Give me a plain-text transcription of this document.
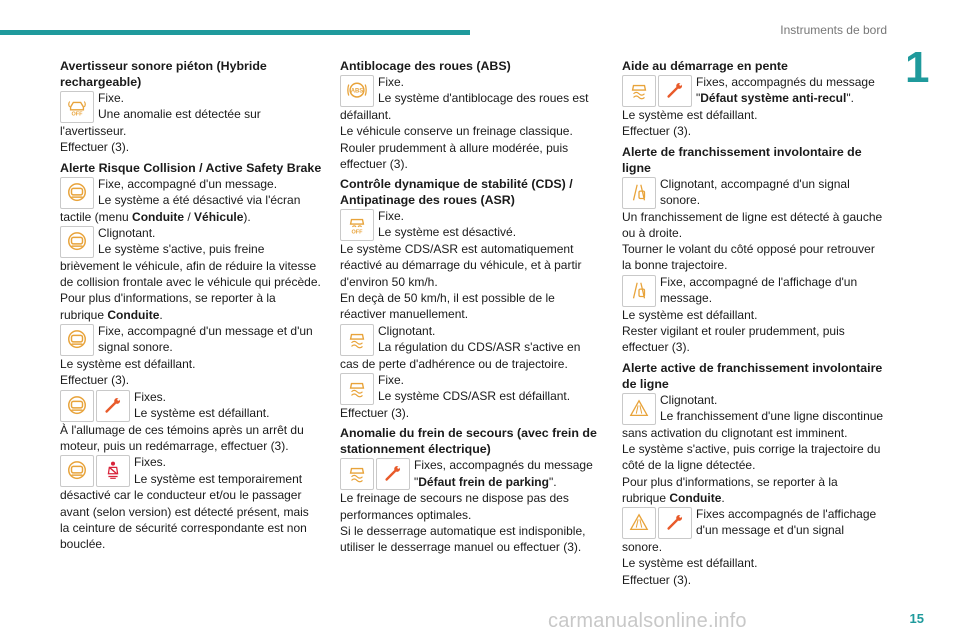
Instruments de bord
1
Avertisseur sonore piéton (Hybride rechargeable)
Fixe.
Une anomalie est détectée sur
l'avertisseur.
Effectuer (3).
Alerte Risque Collision / Active Safety Brake
Fixe, accompagné d'un message.
Le système a été désactivé via l'écran
tactile (menu Conduite / Véhicule).
Clignotant.
Le système s'active, puis freine
brièvement le véhicule, afin de réduire la vitesse
de collision frontale avec le véhicule qui précède.
Pour plus d'informations, se reporter à la
rubrique Conduite.
Fixe, accompagné d'un message et d'un
signal sonore.
Le système est défaillant.
Effectuer (3).
Fixes.
Le système est défaillant.
À l'allumage de ces témoins après un arrêt du
moteur, puis un redémarrage, effectuer (3).
Fixes.
Le système est temporairement
désactivé car le conducteur et/ou le passager
avant (selon version) est détecté présent, mais
la ceinture de sécurité correspondante est non
bouclée.
Antiblocage des roues (ABS)
Fixe.
Le système d'antiblocage des roues est
défaillant.
Le véhicule conserve un freinage classique.
Rouler prudemment à allure modérée, puis
effectuer (3).
Contrôle dynamique de stabilité (CDS) / Antipatinage des roues (ASR)
Fixe.
Le système est désactivé.
Le système CDS/ASR est automatiquement
réactivé au démarrage du véhicule, et à partir
d'environ 50 km/h.
En deçà de 50 km/h, il est possible de le
réactiver manuellement.
Clignotant.
La régulation du CDS/ASR s'active en
cas de perte d'adhérence ou de trajectoire.
Fixe.
Le système CDS/ASR est défaillant.
Effectuer (3).
Anomalie du frein de secours (avec frein de stationnement électrique)
Fixes, accompagnés du message
"Défaut frein de parking".
Le freinage de secours ne dispose pas des
performances optimales.
Si le desserrage automatique est indisponible,
utiliser le desserrage manuel ou effectuer (3).
Aide au démarrage en pente
Fixes, accompagnés du message
"Défaut système anti-recul".
Le système est défaillant.
Effectuer (3).
Alerte de franchissement involontaire de ligne
Clignotant, accompagné d'un signal
sonore.
Un franchissement de ligne est détecté à gauche
ou à droite.
Tourner le volant du côté opposé pour retrouver
la bonne trajectoire.
Fixe, accompagné de l'affichage d'un
message.
Le système est défaillant.
Rester vigilant et rouler prudemment, puis
effectuer (3).
Alerte active de franchissement involontaire de ligne
Clignotant.
Le franchissement d'une ligne discontinue
sans activation du clignotant est imminent.
Le système s'active, puis corrige la trajectoire du
côté de la ligne détectée.
Pour plus d'informations, se reporter à la
rubrique Conduite.
Fixes accompagnés de l'affichage
d'un message et d'un signal
sonore.
Le système est défaillant.
Effectuer (3).
carmanualsonline.info	15
